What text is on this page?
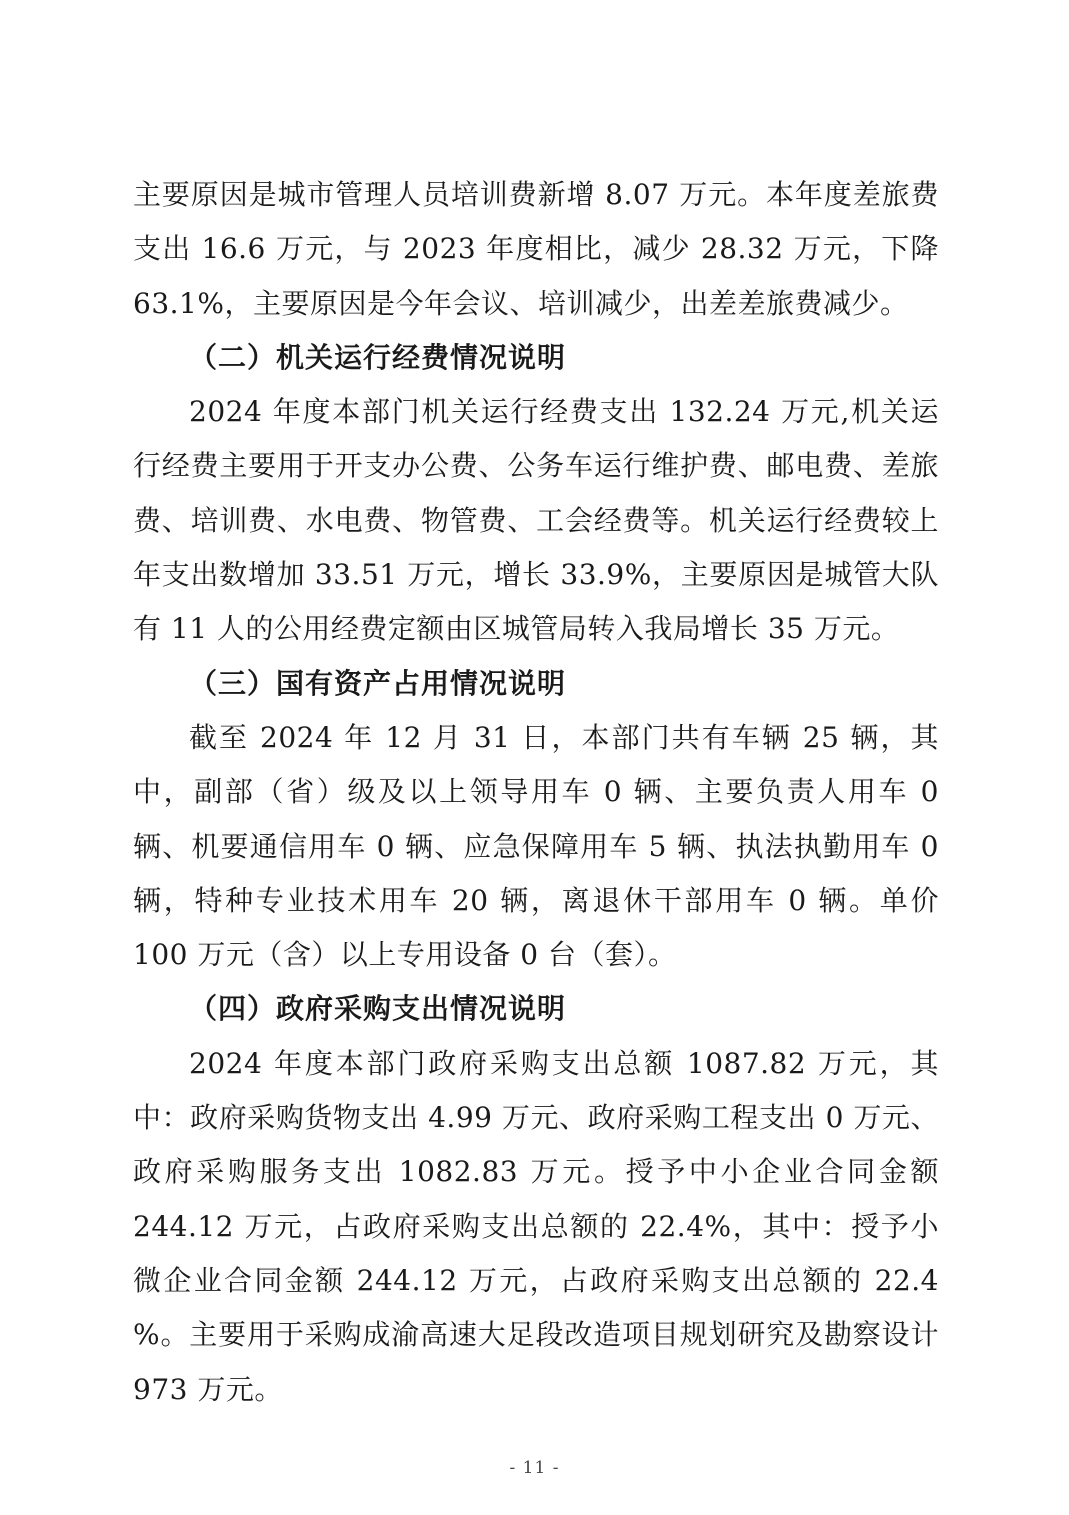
主要原因是城市管理人员培训费新增 8.07 万元。本年度差旅费支出 16.6 万元，与 2023 年度相比，减少 28.32 万元，下降 63.1%，主要原因是今年会议、培训减少，出差差旅费减少。

（二）机关运行经费情况说明

2024 年度本部门机关运行经费支出 132.24 万元,机关运行经费主要用于开支办公费、公务车运行维护费、邮电费、差旅费、培训费、水电费、物管费、工会经费等。机关运行经费较上年支出数增加 33.51 万元，增长 33.9%，主要原因是城管大队有 11 人的公用经费定额由区城管局转入我局增长 35 万元。

（三）国有资产占用情况说明

截至 2024 年 12 月 31 日，本部门共有车辆 25 辆，其中，副部（省）级及以上领导用车 0 辆、主要负责人用车 0 辆、机要通信用车 0 辆、应急保障用车 5 辆、执法执勤用车 0 辆，特种专业技术用车 20 辆，离退休干部用车 0 辆。单价 100 万元（含）以上专用设备 0 台（套）。

（四）政府采购支出情况说明

2024 年度本部门政府采购支出总额 1087.82 万元，其中：政府采购货物支出 4.99 万元、政府采购工程支出 0 万元、政府采购服务支出 1082.83 万元。授予中小企业合同金额 244.12 万元，占政府采购支出总额的 22.4%，其中：授予小微企业合同金额 244.12 万元，占政府采购支出总额的 22.4 %。主要用于采购成渝高速大足段改造项目规划研究及勘察设计 973 万元。

- 11 -
